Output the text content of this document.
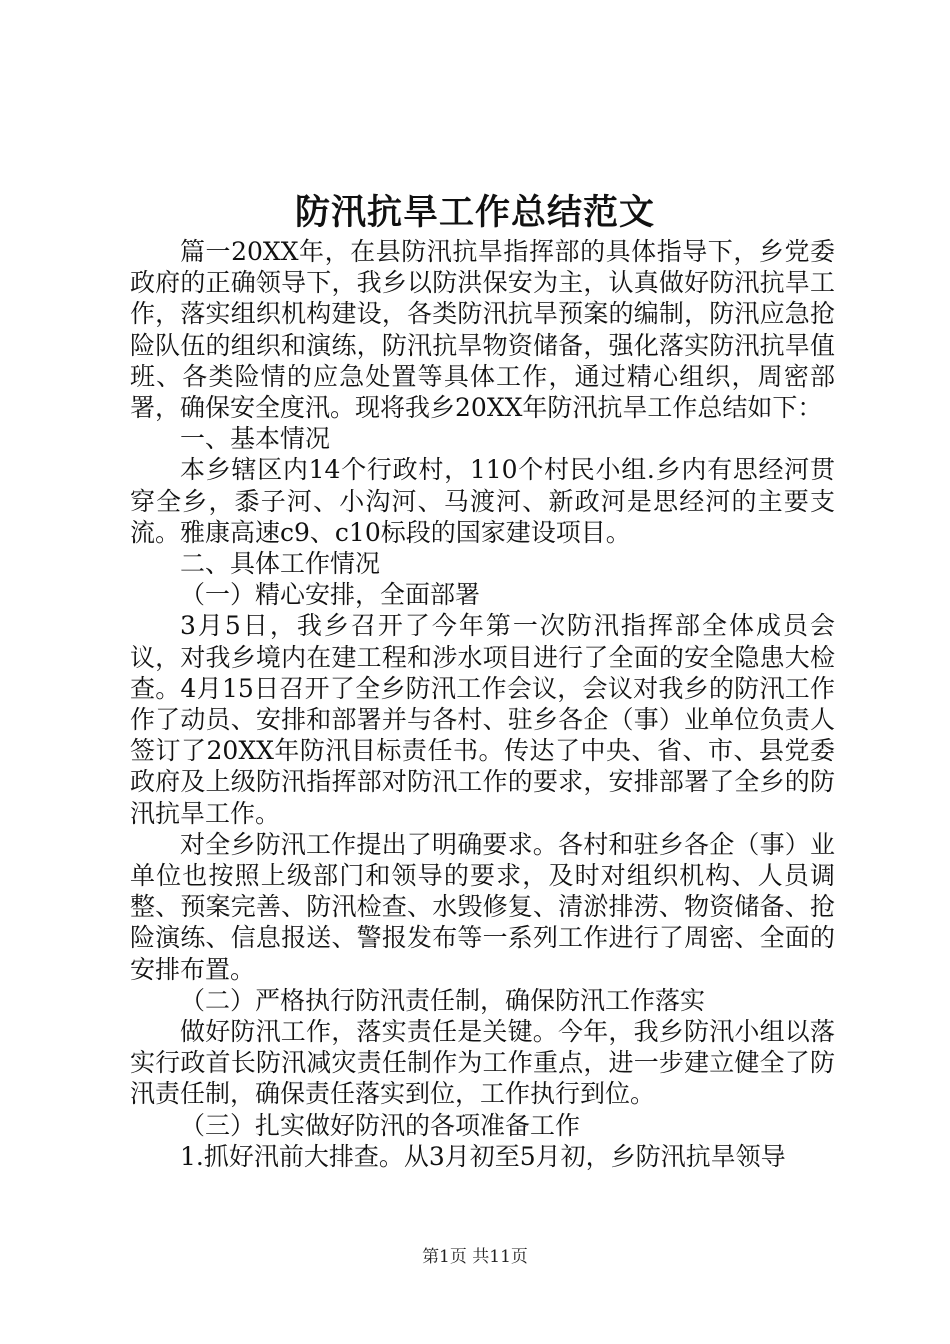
防汛抗旱工作总结范文

篇一20XX年，在县防汛抗旱指挥部的具体指导下，乡党委政府的正确领导下，我乡以防洪保安为主，认真做好防汛抗旱工作，落实组织机构建设，各类防汛抗旱预案的编制，防汛应急抢险队伍的组织和演练，防汛抗旱物资储备，强化落实防汛抗旱值班、各类险情的应急处置等具体工作，通过精心组织，周密部署，确保安全度汛。现将我乡20XX年防汛抗旱工作总结如下：

一、基本情况

本乡辖区内14个行政村，110个村民小组.乡内有思经河贯穿全乡，黍子河、小沟河、马渡河、新政河是思经河的主要支流。雅康高速c9、c10标段的国家建设项目。

二、具体工作情况

（一）精心安排，全面部署

3月5日，我乡召开了今年第一次防汛指挥部全体成员会议，对我乡境内在建工程和涉水项目进行了全面的安全隐患大检查。4月15日召开了全乡防汛工作会议，会议对我乡的防汛工作作了动员、安排和部署并与各村、驻乡各企（事）业单位负责人签订了20XX年防汛目标责任书。传达了中央、省、市、县党委政府及上级防汛指挥部对防汛工作的要求，安排部署了全乡的防汛抗旱工作。

对全乡防汛工作提出了明确要求。各村和驻乡各企（事）业单位也按照上级部门和领导的要求，及时对组织机构、人员调整、预案完善、防汛检查、水毁修复、清淤排涝、物资储备、抢险演练、信息报送、警报发布等一系列工作进行了周密、全面的安排布置。

（二）严格执行防汛责任制，确保防汛工作落实

做好防汛工作，落实责任是关键。今年，我乡防汛小组以落实行政首长防汛减灾责任制作为工作重点，进一步建立健全了防汛责任制，确保责任落实到位，工作执行到位。

（三）扎实做好防汛的各项准备工作

1.抓好汛前大排查。从3月初至5月初，乡防汛抗旱领导

第1页 共11页
